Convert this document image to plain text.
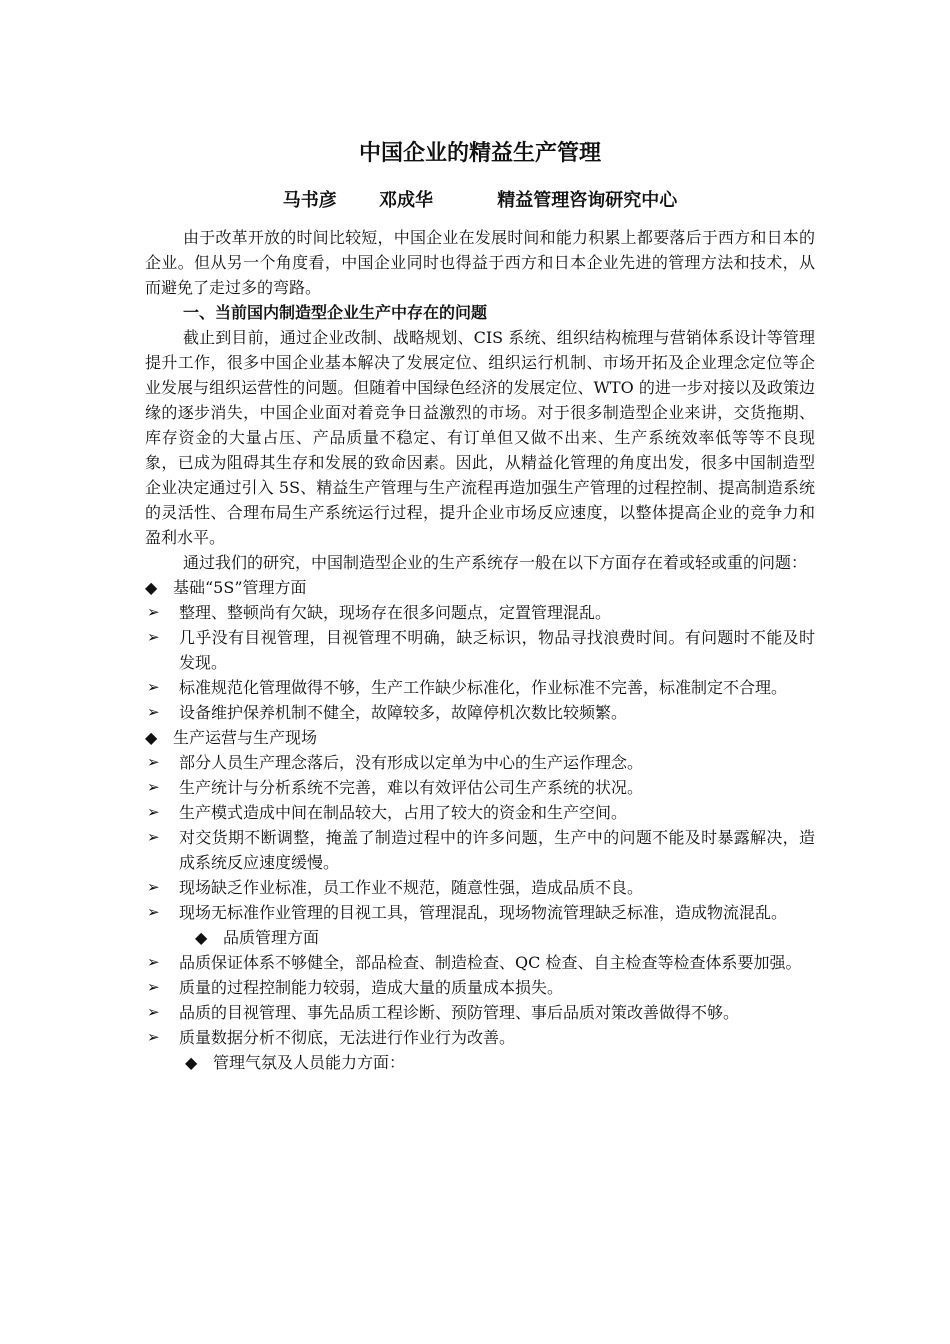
中国企业的精益生产管理
马书彦 邓成华	精益管理咨询研究中心

由于改革开放的时间比较短，中国企业在发展时间和能力积累上都要落后于西方和日本的企业。但从另一个角度看，中国企业同时也得益于西方和日本企业先进的管理方法和技术，从而避免了走过多的弯路。

一、当前国内制造型企业生产中存在的问题

截止到目前，通过企业改制、战略规划、CIS 系统、组织结构梳理与营销体系设计等管理提升工作，很多中国企业基本解决了发展定位、组织运行机制、市场开拓及企业理念定位等企业发展与组织运营性的问题。但随着中国绿色经济的发展定位、WTO 的进一步对接以及政策边缘的逐步消失，中国企业面对着竞争日益激烈的市场。对于很多制造型企业来讲，交货拖期、库存资金的大量占压、产品质量不稳定、有订单但又做不出来、生产系统效率低等等不良现象，已成为阻碍其生存和发展的致命因素。因此，从精益化管理的角度出发，很多中国制造型企业决定通过引入 5S、精益生产管理与生产流程再造加强生产管理的过程控制、提高制造系统的灵活性、合理布局生产系统运行过程，提升企业市场反应速度，以整体提高企业的竞争力和盈利水平。

通过我们的研究，中国制造型企业的生产系统存一般在以下方面存在着或轻或重的问题：

◆ 基础“5S”管理方面
➢ 整理、整顿尚有欠缺，现场存在很多问题点，定置管理混乱。
➢ 几乎没有目视管理，目视管理不明确，缺乏标识，物品寻找浪费时间。有问题时不能及时发现。
➢ 标准规范化管理做得不够，生产工作缺少标准化，作业标准不完善，标准制定不合理。
➢ 设备维护保养机制不健全，故障较多，故障停机次数比较频繁。
◆ 生产运营与生产现场
➢ 部分人员生产理念落后，没有形成以定单为中心的生产运作理念。
➢ 生产统计与分析系统不完善，难以有效评估公司生产系统的状况。
➢ 生产模式造成中间在制品较大，占用了较大的资金和生产空间。
➢ 对交货期不断调整，掩盖了制造过程中的许多问题，生产中的问题不能及时暴露解决，造成系统反应速度缓慢。
➢ 现场缺乏作业标准，员工作业不规范，随意性强，造成品质不良。
➢ 现场无标准作业管理的目视工具，管理混乱，现场物流管理缺乏标准，造成物流混乱。
◆ 品质管理方面
➢ 品质保证体系不够健全，部品检查、制造检查、QC 检查、自主检查等检查体系要加强。
➢ 质量的过程控制能力较弱，造成大量的质量成本损失。
➢ 品质的目视管理、事先品质工程诊断、预防管理、事后品质对策改善做得不够。
➢ 质量数据分析不彻底，无法进行作业行为改善。
◆ 管理气氛及人员能力方面：
